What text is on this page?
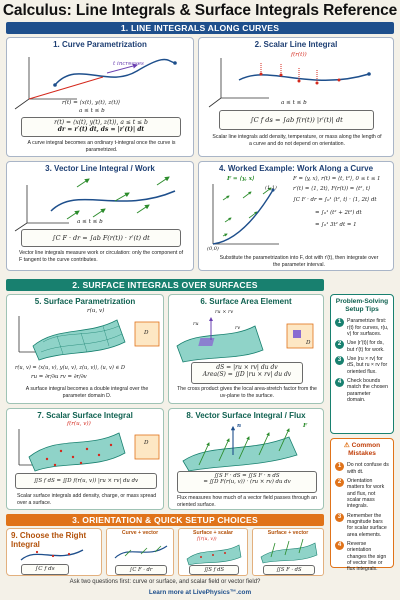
Calculus: Line Integrals & Surface Integrals Reference
1. LINE INTEGRALS ALONG CURVES
1. Curve Parametrization
t increases
r(t) = ⟨x(t), y(t), z(t)⟩
a ≤ t ≤ b
r(t) = ⟨x(t), y(t), z(t)⟩, a ≤ t ≤ b
dr = r′(t) dt, ds = |r′(t)| dt
A curve integral becomes an ordinary t-integral once the curve is parametrized.
2. Scalar Line Integral
f(r(t))
a ≤ t ≤ b
∫C f ds = ∫ab f(r(t)) |r′(t)| dt
Scalar line integrals add density, temperature, or mass along the length of a curve and do not depend on orientation.
3. Vector Line Integral / Work
a ≤ t ≤ b
∫C F · dr = ∫ab F(r(t)) · r′(t) dt
Vector line integrals measure work or circulation: only the component of F tangent to the curve contributes.
4. Worked Example: Work Along a Curve
F = ⟨y, x⟩
(0,0)
(1,1)
F = ⟨y, x⟩, r(t) = ⟨t, t²⟩, 0 ≤ t ≤ 1
r′(t) = ⟨1, 2t⟩, F(r(t)) = ⟨t², t⟩
∫C F · dr = ∫₀¹ ⟨t², t⟩ · ⟨1, 2t⟩ dt
= ∫₀¹ (t² + 2t²) dt
= ∫₀¹ 3t² dt = 1
Substitute the parametrization into F, dot with r′(t), then integrate over the parameter interval.
2. SURFACE INTEGRALS OVER SURFACES
5. Surface Parametrization
r(u, v)
D
r(u, v) = ⟨x(u, v), y(u, v), z(u, v)⟩, (u, v) ∈ D
ru = ∂r/∂u rv = ∂r/∂v
A surface integral becomes a double integral over the parameter domain D.
6. Surface Area Element
ru × rv
ru
rv
D
dS = |ru × rv| du dv
Area(S) = ∬D |ru × rv| du dv
The cross product gives the local area-stretch factor from the uv-plane to the surface.
7. Scalar Surface Integral
f(r(u, v))
D
∬S f dS = ∬D f(r(u, v)) |ru × rv| du dv
Scalar surface integrals add density, charge, or mass spread over a surface.
8. Vector Surface Integral / Flux
F
n
∬S F · dS = ∬S F · n dS
= ∬D F(r(u, v)) · (ru × rv) du dv
Flux measures how much of a vector field passes through an oriented surface.
Problem-Solving Setup Tips
1	Parametrize first: r(t) for curves, r(u, v) for surfaces.
2	Use |r′(t)| for ds, but r′(t) for work.
3	Use |ru × rv| for dS, but ru × rv for oriented flux.
4	Check bounds match the chosen parameter domain.
⚠ Common Mistakes
1	Do not confuse ds with dt.
2	Orientation matters for work and flux, not scalar mass integrals.
3	Remember the magnitude bars for scalar surface area elements.
4	Reverse orientation changes the sign of vector line or flux integrals.
3. ORIENTATION & QUICK SETUP CHOICES
9. Choose the Right Integral
∫C f ds
Curve + vector
∫C F · dr
Surface + scalar
f(r(u, v))
∬S f dS
Surface + vector
∬S F · dS
Ask two questions first: curve or surface, and scalar field or vector field?
Learn more at LivePhysics™.com
